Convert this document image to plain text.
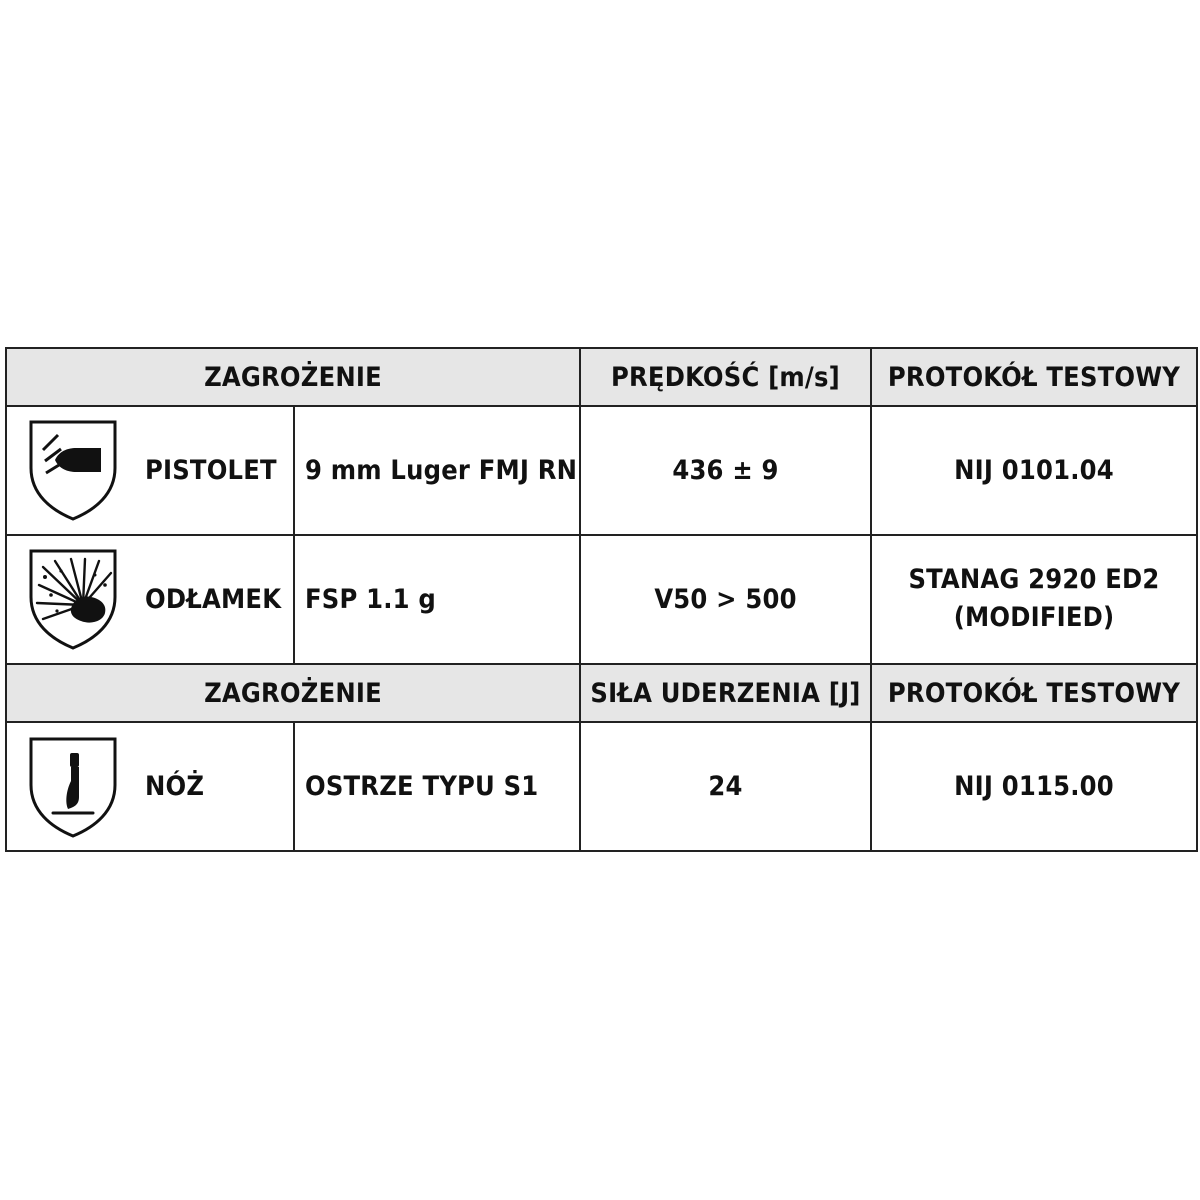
ZAGROŻENIE		PRĘDKOŚĆ [m/s]	PROTOKÓŁ TESTOWY

PISTOLET	9 mm Luger FMJ RN	436 ± 9	NIJ 0101.04

ODŁAMEK	FSP 1.1 g	V50 > 500	STANAG 2920 ED2
(MODIFIED)

ZAGROŻENIE		SIŁA UDERZENIA [J]	PROTOKÓŁ TESTOWY

NÓŻ	OSTRZE TYPU S1	24	NIJ 0115.00
